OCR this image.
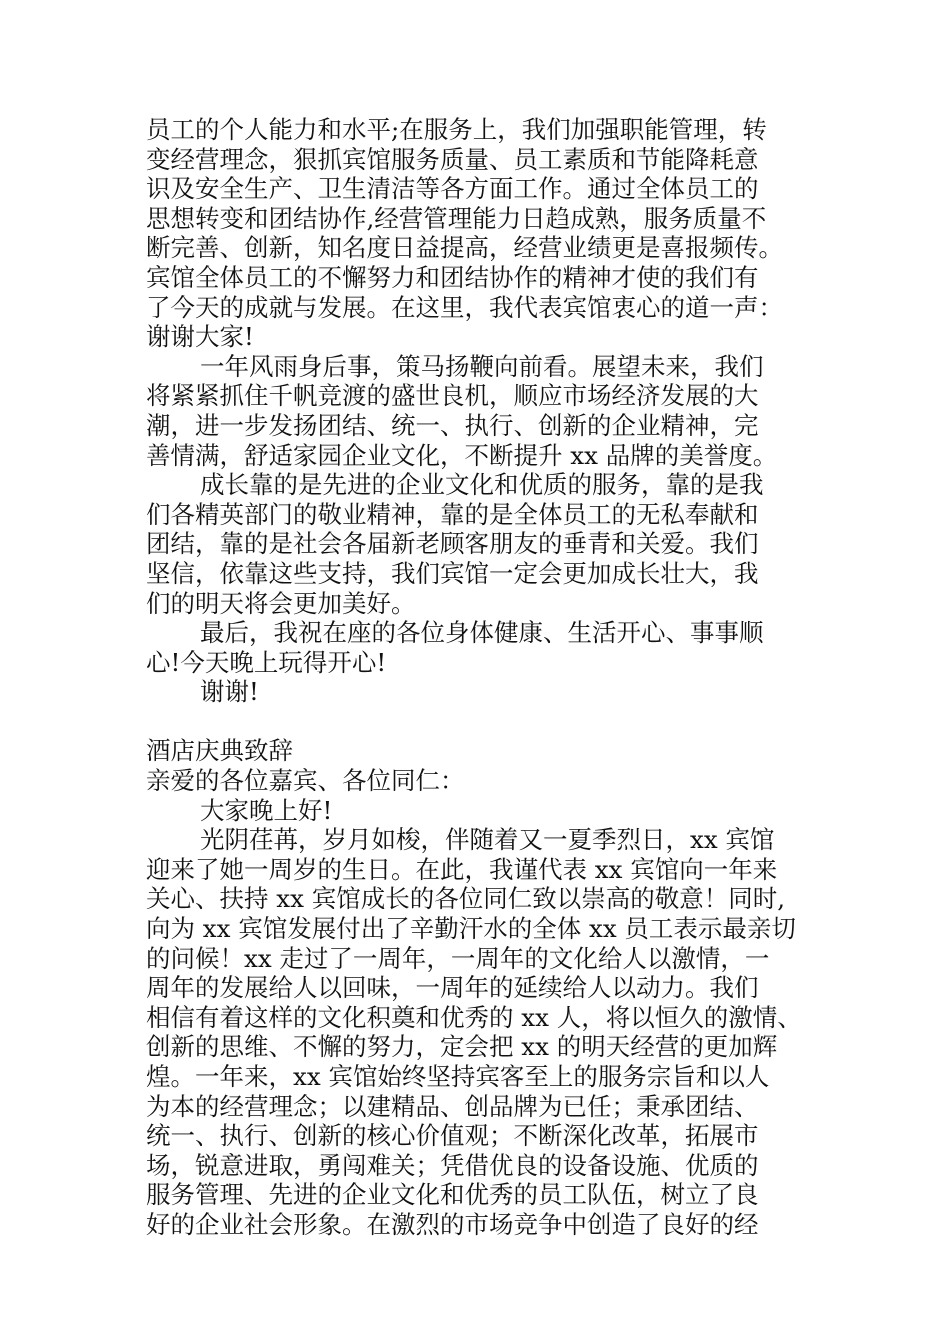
员工的个人能力和水平;在服务上，我们加强职能管理，转
变经营理念，狠抓宾馆服务质量、员工素质和节能降耗意
识及安全生产、卫生清洁等各方面工作。通过全体员工的
思想转变和团结协作,经营管理能力日趋成熟，服务质量不
断完善、创新，知名度日益提高，经营业绩更是喜报频传。
宾馆全体员工的不懈努力和团结协作的精神才使的我们有
了今天的成就与发展。在这里，我代表宾馆衷心的道一声：
谢谢大家!
一年风雨身后事，策马扬鞭向前看。展望未来，我们
将紧紧抓住千帆竞渡的盛世良机，顺应市场经济发展的大
潮，进一步发扬团结、统一、执行、创新的企业精神，完
善情满，舒适家园企业文化，不断提升 xx 品牌的美誉度。
成长靠的是先进的企业文化和优质的服务，靠的是我
们各精英部门的敬业精神，靠的是全体员工的无私奉献和
团结，靠的是社会各届新老顾客朋友的垂青和关爱。我们
坚信，依靠这些支持，我们宾馆一定会更加成长壮大，我
们的明天将会更加美好。
最后，我祝在座的各位身体健康、生活开心、事事顺
心!今天晚上玩得开心!
谢谢!
酒店庆典致辞
亲爱的各位嘉宾、各位同仁：
大家晚上好!
光阴荏苒，岁月如梭，伴随着又一夏季烈日，xx 宾馆
迎来了她一周岁的生日。在此，我谨代表 xx 宾馆向一年来
关心、扶持 xx 宾馆成长的各位同仁致以崇高的敬意！同时,
向为 xx 宾馆发展付出了辛勤汗水的全体 xx 员工表示最亲切
的问候！xx 走过了一周年，一周年的文化给人以激情，一
周年的发展给人以回味，一周年的延续给人以动力。我们
相信有着这样的文化积奠和优秀的 xx 人，将以恒久的激情、
创新的思维、不懈的努力，定会把 xx 的明天经营的更加辉
煌。一年来，xx 宾馆始终坚持宾客至上的服务宗旨和以人
为本的经营理念；以建精品、创品牌为已任；秉承团结、
统一、执行、创新的核心价值观；不断深化改革，拓展市
场，锐意进取，勇闯难关；凭借优良的设备设施、优质的
服务管理、先进的企业文化和优秀的员工队伍，树立了良
好的企业社会形象。在激烈的市场竞争中创造了良好的经
